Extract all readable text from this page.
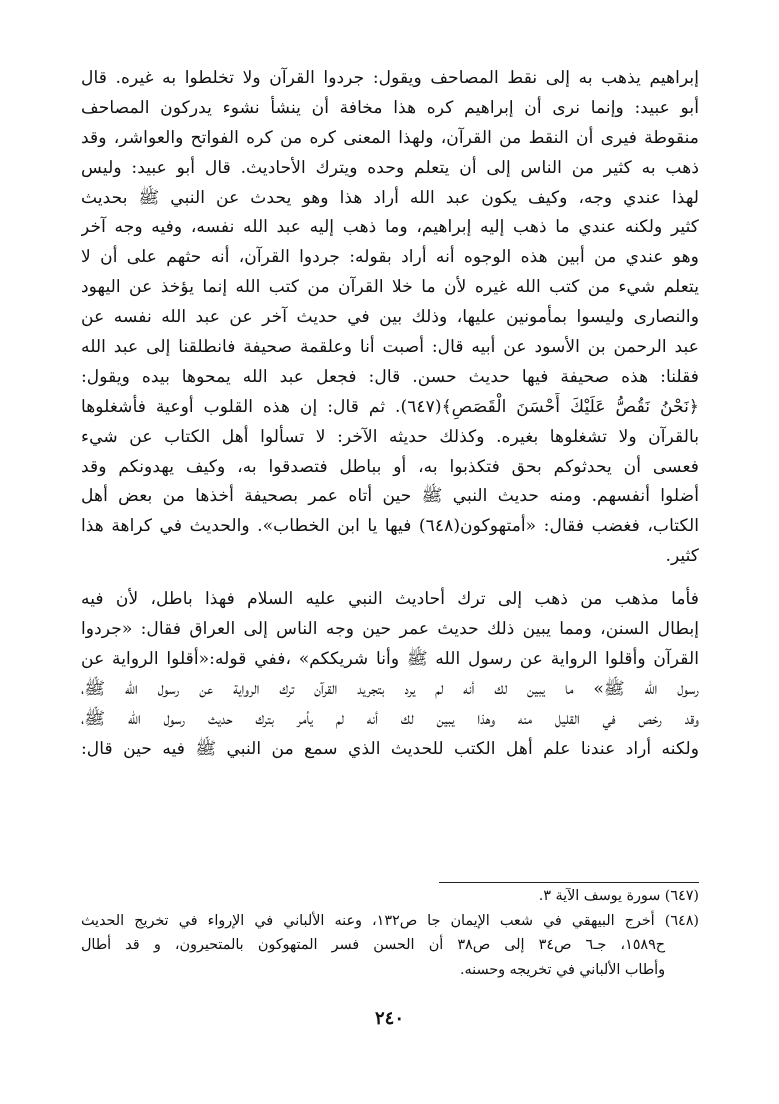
إبراهيم يذهب به إلى نقط المصاحف ويقول: جردوا القرآن ولا تخلطوا به غيره. قال
أبو عبيد: وإنما نرى أن إبراهيم كره هذا مخافة أن ينشأ نشوء يدركون المصاحف
منقوطة فيرى أن النقط من القرآن، ولهذا المعنى كره من كره الفواتح والعواشر، وقد
ذهب به كثير من الناس إلى أن يتعلم وحده ويترك الأحاديث. قال أبو عبيد: وليس
لهذا عندي وجه، وكيف يكون عبد الله أراد هذا وهو يحدث عن النبي ﷺ بحديث
كثير ولكنه عندي ما ذهب إليه إبراهيم، وما ذهب إليه عبد الله نفسه، وفيه وجه آخر
وهو عندي من أبين هذه الوجوه أنه أراد بقوله: جردوا القرآن، أنه حثهم على أن لا
يتعلم شيء من كتب الله غيره لأن ما خلا القرآن من كتب الله إنما يؤخذ عن اليهود
والنصارى وليسوا بمأمونين عليها، وذلك بين في حديث آخر عن عبد الله نفسه عن
عبد الرحمن بن الأسود عن أبيه قال: أصبت أنا وعلقمة صحيفة فانطلقنا إلى عبد الله
فقلنا: هذه صحيفة فيها حديث حسن. قال: فجعل عبد الله يمحوها بيده ويقول:
﴿نَحْنُ نَقُصُّ عَلَيْكَ أَحْسَنَ الْقَصَصِ﴾(٦٤٧). ثم قال: إن هذه القلوب أوعية فأشغلوها
بالقرآن ولا تشغلوها بغيره. وكذلك حديثه الآخر: لا تسألوا أهل الكتاب عن شيء
فعسى أن يحدثوكم بحق فتكذبوا به، أو بباطل فتصدقوا به، وكيف يهدونكم وقد
أضلوا أنفسهم. ومنه حديث النبي ﷺ حين أتاه عمر بصحيفة أخذها من بعض أهل
الكتاب، فغضب فقال: «أمتهوكون(٦٤٨) فيها يا ابن الخطاب». والحديث في كراهة هذا
كثير.
فأما مذهب من ذهب إلى ترك أحاديث النبي عليه السلام فهذا باطل، لأن فيه
إبطال السنن، ومما يبين ذلك حديث عمر حين وجه الناس إلى العراق فقال: «جردوا
القرآن وأقلوا الرواية عن رسول الله ﷺ وأنا شريككم» ،ففي قوله:«أقلوا الرواية عن
رسول الله ﷺ» ما يبين لك أنه لم يرد بتجريد القرآن ترك الرواية عن رسول الله ﷺ،
وقد رخص في القليل منه وهذا يبين لك أنه لم يأمر بترك حديث رسول الله ﷺ،
ولكنه أراد عندنا علم أهل الكتب للحديث الذي سمع من النبي ﷺ فيه حين قال:
(٦٤٧) سورة يوسف الآية ٣.
(٦٤٨) أخرج البيهقي في شعب الإيمان جا ص١٣٢، وعنه الألباني في الإرواء في تخريج الحديث
ح١٥٨٩، جـ٦ ص٣٤ إلى ص٣٨ أن الحسن فسر المتهوكون بالمتحيرون، و قد أطال
وأطاب الألباني في تخريجه وحسنه.
٢٤٠
